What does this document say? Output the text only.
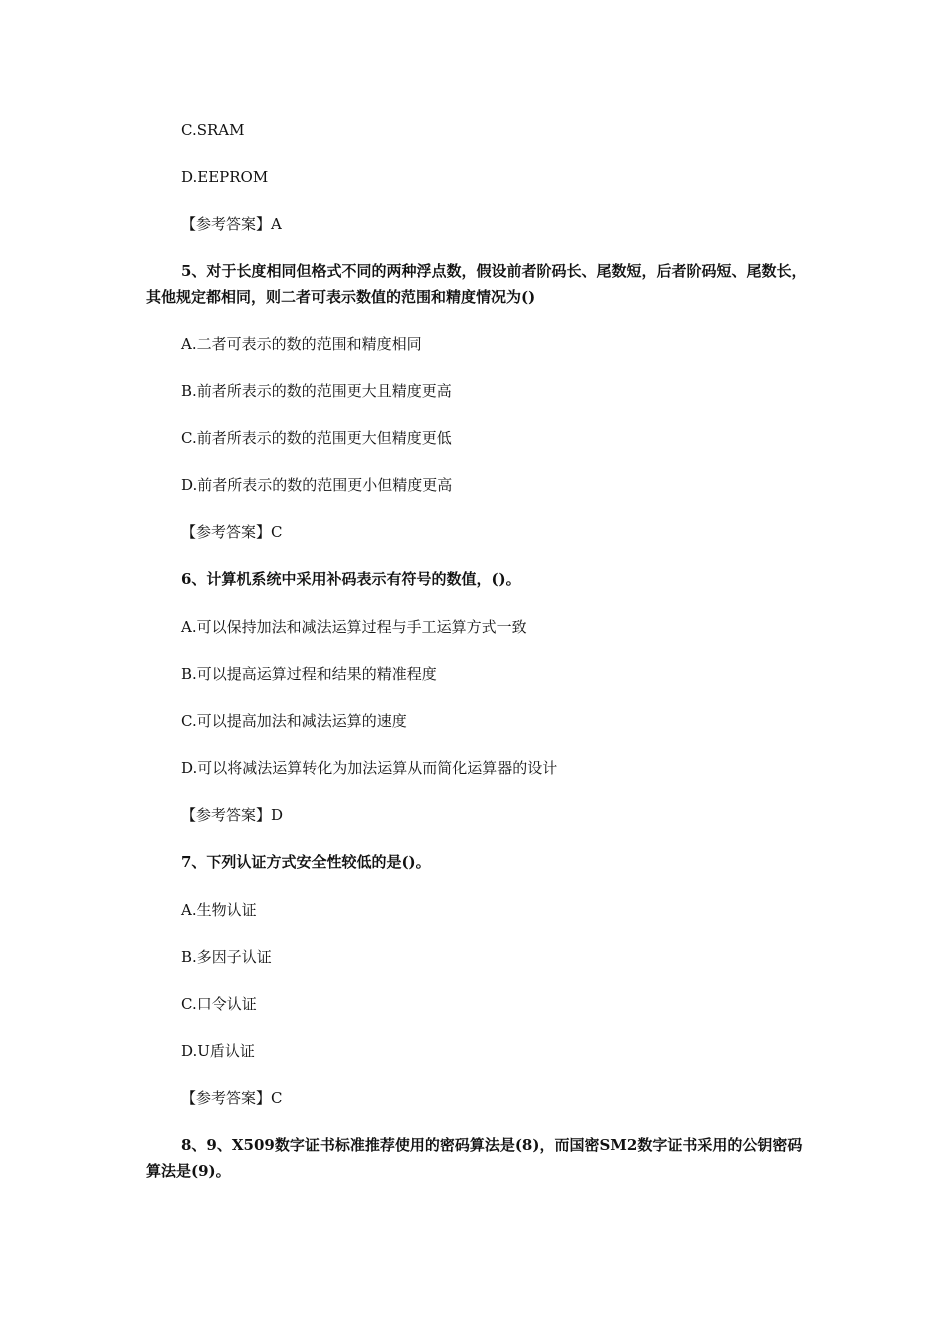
C.SRAM
D.EEPROM
【参考答案】A
5、对于长度相同但格式不同的两种浮点数，假设前者阶码长、尾数短，后者阶码短、尾数长，其他规定都相同，则二者可表示数值的范围和精度情况为()
A.二者可表示的数的范围和精度相同
B.前者所表示的数的范围更大且精度更高
C.前者所表示的数的范围更大但精度更低
D.前者所表示的数的范围更小但精度更高
【参考答案】C
6、计算机系统中采用补码表示有符号的数值，()。
A.可以保持加法和减法运算过程与手工运算方式一致
B.可以提高运算过程和结果的精准程度
C.可以提高加法和减法运算的速度
D.可以将减法运算转化为加法运算从而简化运算器的设计
【参考答案】D
7、下列认证方式安全性较低的是()。
A.生物认证
B.多因子认证
C.口令认证
D.U盾认证
【参考答案】C
8、9、X509数字证书标准推荐使用的密码算法是(8)，而国密SM2数字证书采用的公钥密码算法是(9)。
